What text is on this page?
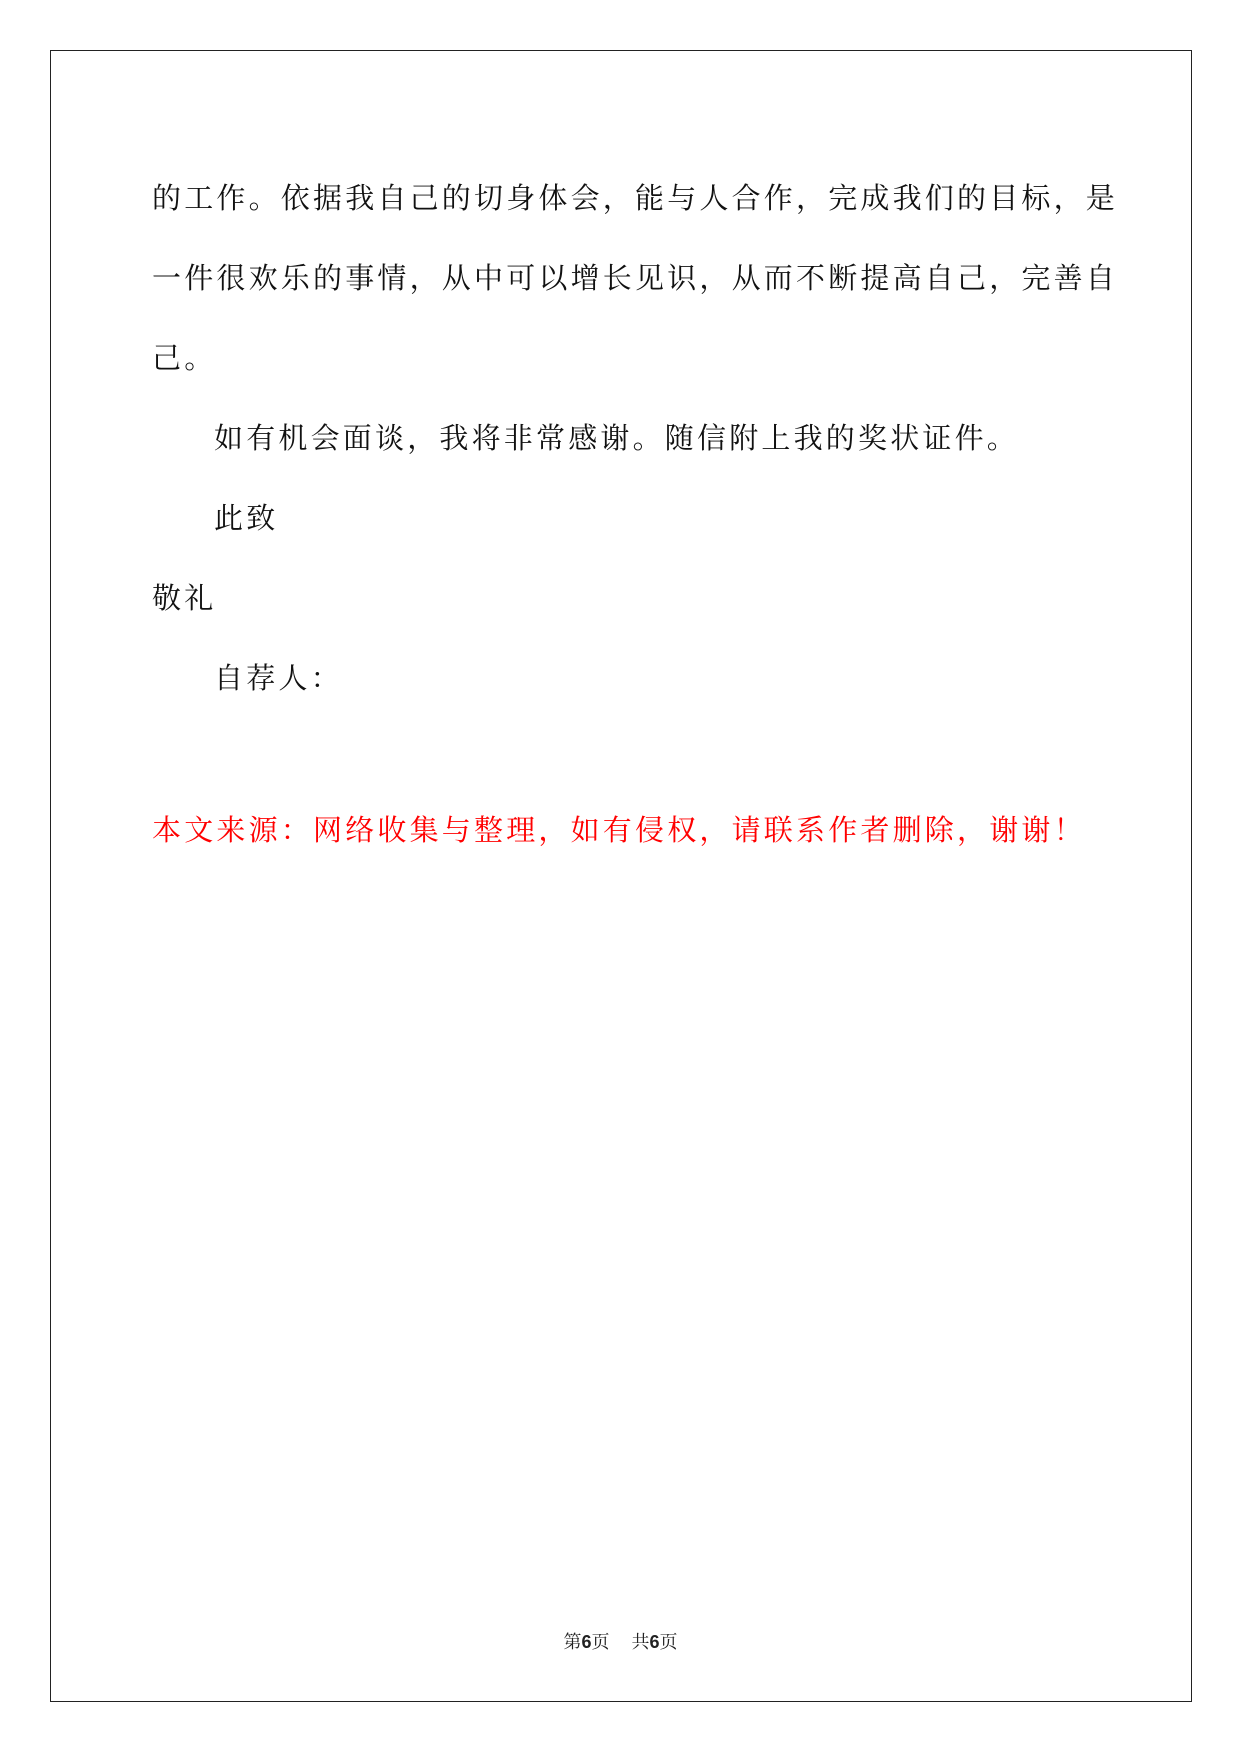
的工作。依据我自己的切身体会，能与人合作，完成我们的目标，是
一件很欢乐的事情，从中可以增长见识，从而不断提高自己，完善自
己。
如有机会面谈，我将非常感谢。随信附上我的奖状证件。
此致
敬礼
自荐人：
本文来源：网络收集与整理，如有侵权，请联系作者删除，谢谢！
第6页 共6页
